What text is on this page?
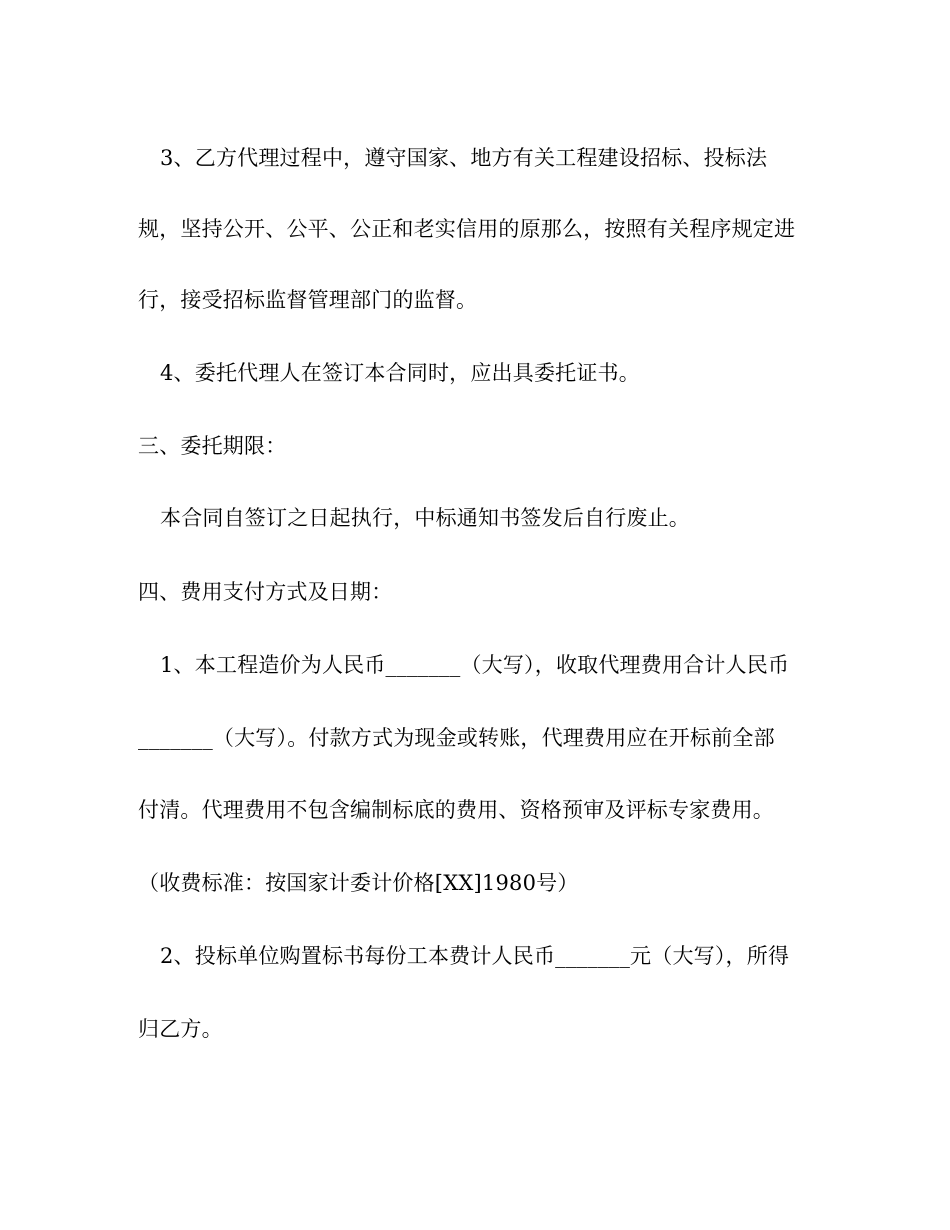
3、乙方代理过程中，遵守国家、地方有关工程建设招标、投标法
规，坚持公开、公平、公正和老实信用的原那么，按照有关程序规定进
行，接受招标监督管理部门的监督。
4、委托代理人在签订本合同时，应出具委托证书。
三、委托期限：
本合同自签订之日起执行，中标通知书签发后自行废止。
四、费用支付方式及日期：
1、本工程造价为人民币_______（大写），收取代理费用合计人民币
_______（大写）。付款方式为现金或转账，代理费用应在开标前全部
付清。代理费用不包含编制标底的费用、资格预审及评标专家费用。
（收费标准：按国家计委计价格[XX]1980号）
2、投标单位购置标书每份工本费计人民币_______元（大写），所得
归乙方。
